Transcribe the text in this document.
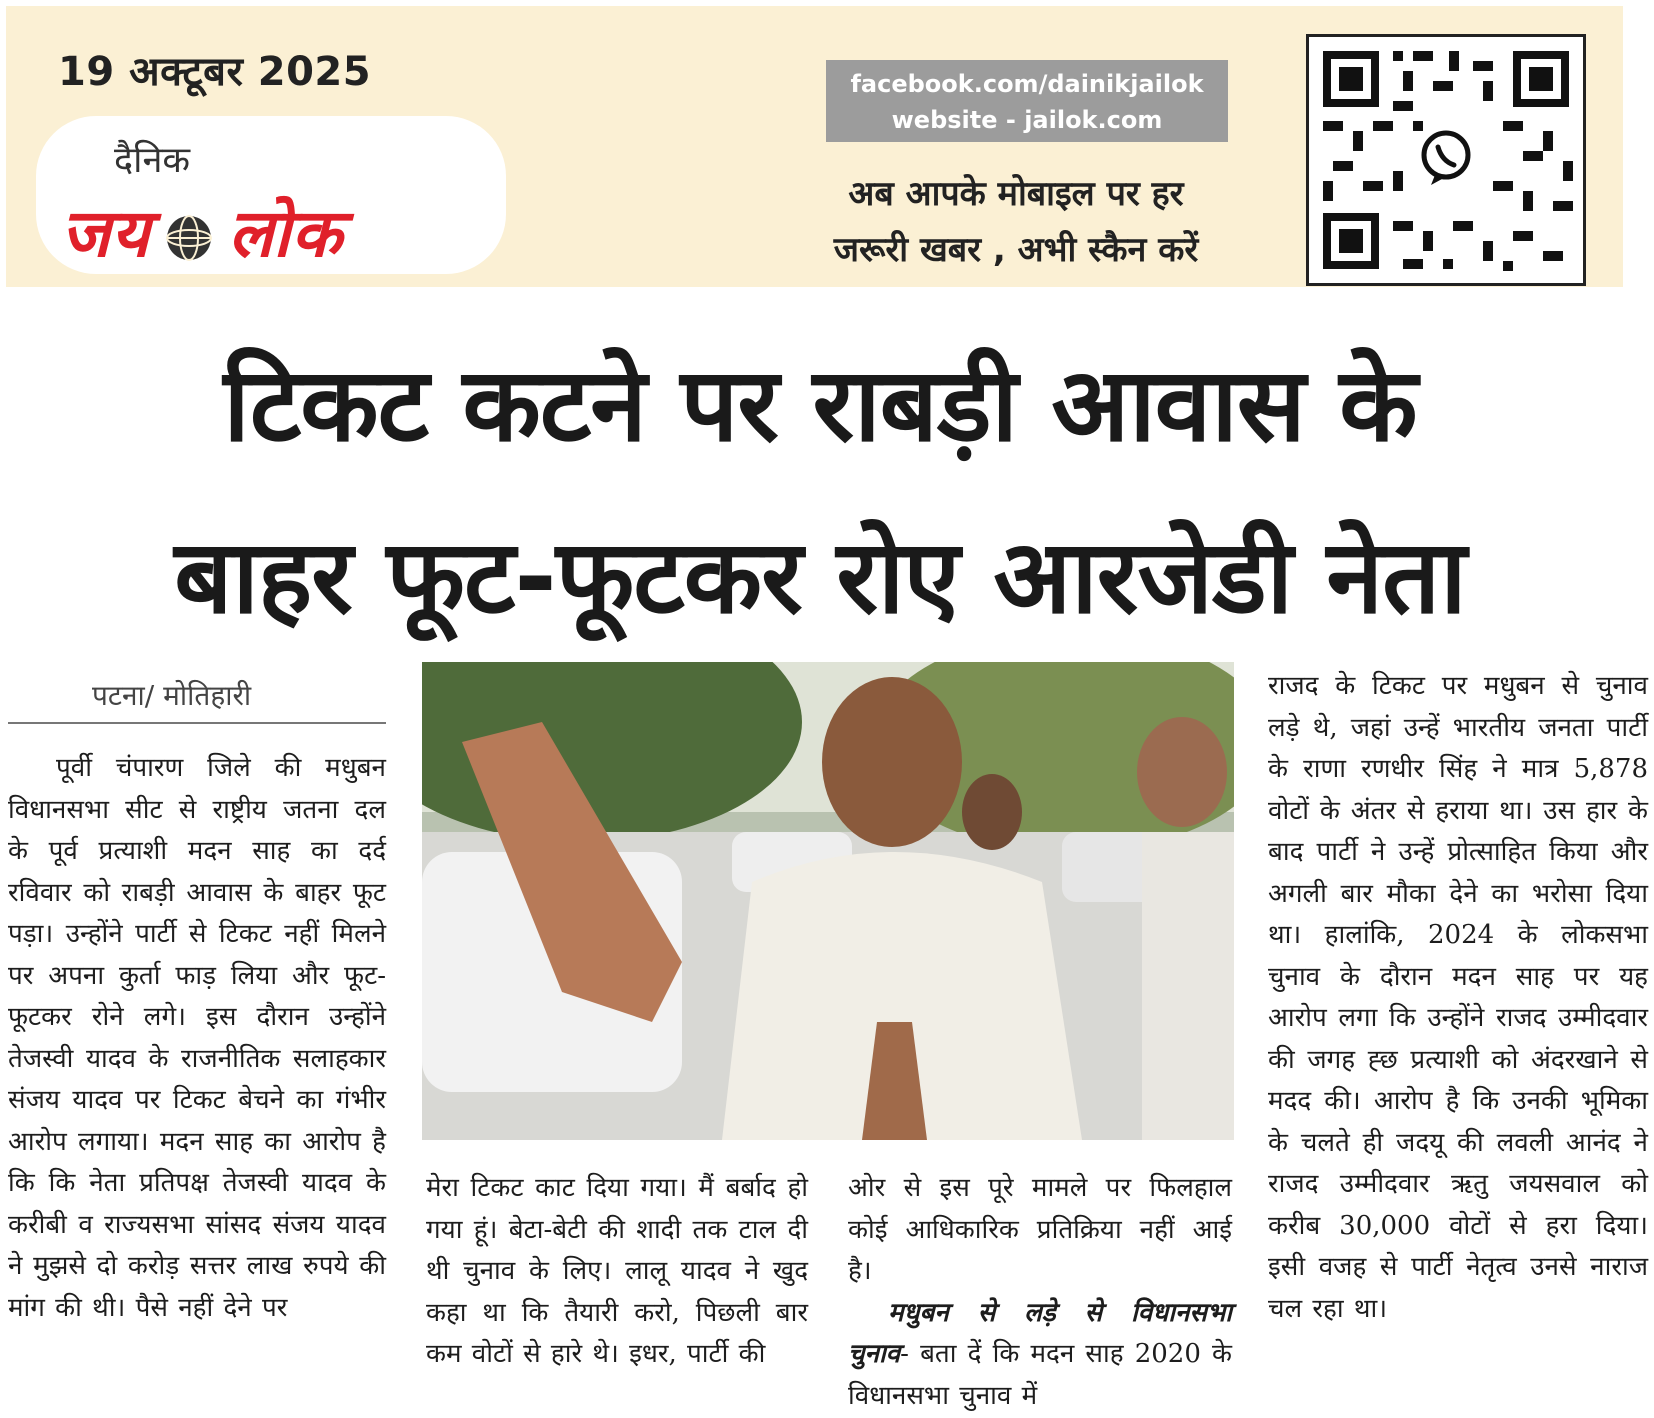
19 अक्टूबर 2025
दैनिक
जय लोक
facebook.com/dainikjailok
website - jailok.com
अब आपके मोबाइल पर हर
जरूरी खबर , अभी स्कैन करें
टिकट कटने पर राबड़ी आवास के
बाहर फूट-फूटकर रोए आरजेडी नेता
पटना/ मोतिहारी
पूर्वी चंपारण जिले की मधुबन विधानसभा सीट से राष्ट्रीय जतना दल के पूर्व प्रत्याशी मदन साह का दर्द रविवार को राबड़ी आवास के बाहर फूट पड़ा। उन्होंने पार्टी से टिकट नहीं मिलने पर अपना कुर्ता फाड़ लिया और फूट-फूटकर रोने लगे। इस दौरान उन्होंने तेजस्वी यादव के राजनीतिक सलाहकार संजय यादव पर टिकट बेचने का गंभीर आरोप लगाया। मदन साह का आरोप है कि कि नेता प्रतिपक्ष तेजस्वी यादव के करीबी व राज्यसभा सांसद संजय यादव ने मुझसे दो करोड़ सत्तर लाख रुपये की मांग की थी। पैसे नहीं देने पर
मेरा टिकट काट दिया गया। मैं बर्बाद हो गया हूं। बेटा-बेटी की शादी तक टाल दी थी चुनाव के लिए। लालू यादव ने खुद कहा था कि तैयारी करो, पिछली बार कम वोटों से हारे थे। इधर, पार्टी की
ओर से इस पूरे मामले पर फिलहाल कोई आधिकारिक प्रतिक्रिया नहीं आई है।
मधुबन से लड़े से विधानसभा चुनाव- बता दें कि मदन साह 2020 के विधानसभा चुनाव में
राजद के टिकट पर मधुबन से चुनाव लड़े थे, जहां उन्हें भारतीय जनता पार्टी के राणा रणधीर सिंह ने मात्र 5,878 वोटों के अंतर से हराया था। उस हार के बाद पार्टी ने उन्हें प्रोत्साहित किया और अगली बार मौका देने का भरोसा दिया था। हालांकि, 2024 के लोकसभा चुनाव के दौरान मदन साह पर यह आरोप लगा कि उन्होंने राजद उम्मीदवार की जगह ह्छ प्रत्याशी को अंदरखाने से मदद की। आरोप है कि उनकी भूमिका के चलते ही जदयू की लवली आनंद ने राजद उम्मीदवार ऋतु जयसवाल को करीब 30,000 वोटों से हरा दिया। इसी वजह से पार्टी नेतृत्व उनसे नाराज चल रहा था।
